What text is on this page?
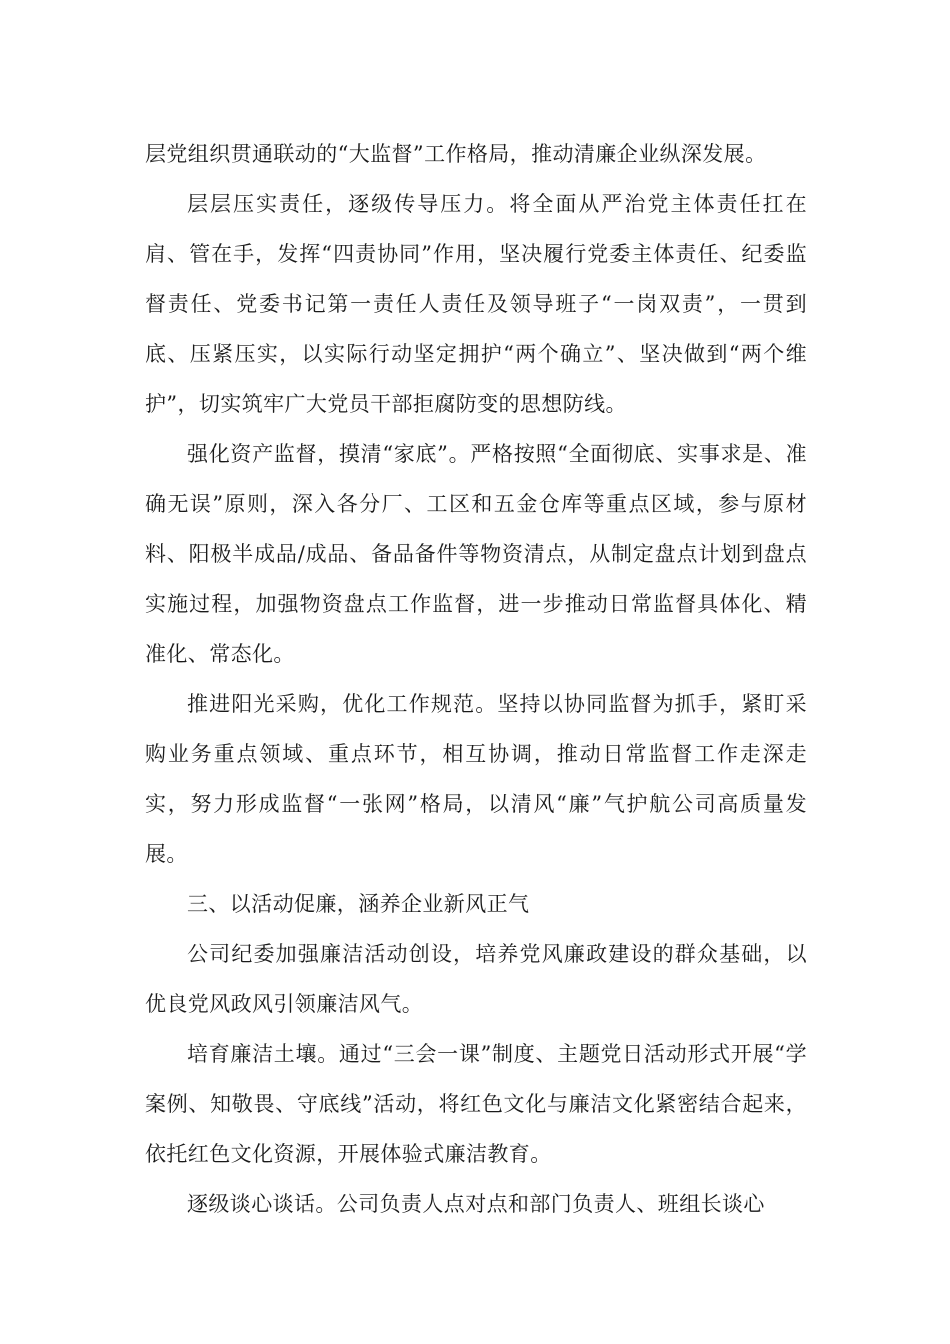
层党组织贯通联动的“大监督”工作格局，推动清廉企业纵深发展。

层层压实责任，逐级传导压力。将全面从严治党主体责任扛在肩、管在手，发挥“四责协同”作用，坚决履行党委主体责任、纪委监督责任、党委书记第一责任人责任及领导班子“一岗双责”，一贯到底、压紧压实，以实际行动坚定拥护“两个确立”、坚决做到“两个维护”，切实筑牢广大党员干部拒腐防变的思想防线。

强化资产监督，摸清“家底”。严格按照“全面彻底、实事求是、准确无误”原则，深入各分厂、工区和五金仓库等重点区域，参与原材料、阳极半成品/成品、备品备件等物资清点，从制定盘点计划到盘点实施过程，加强物资盘点工作监督，进一步推动日常监督具体化、精准化、常态化。

推进阳光采购，优化工作规范。坚持以协同监督为抓手，紧盯采购业务重点领域、重点环节，相互协调，推动日常监督工作走深走实，努力形成监督“一张网”格局，以清风“廉”气护航公司高质量发展。

三、以活动促廉，涵养企业新风正气

公司纪委加强廉洁活动创设，培养党风廉政建设的群众基础，以优良党风政风引领廉洁风气。

培育廉洁土壤。通过“三会一课”制度、主题党日活动形式开展“学案例、知敬畏、守底线”活动，将红色文化与廉洁文化紧密结合起来，依托红色文化资源，开展体验式廉洁教育。

逐级谈心谈话。公司负责人点对点和部门负责人、班组长谈心
